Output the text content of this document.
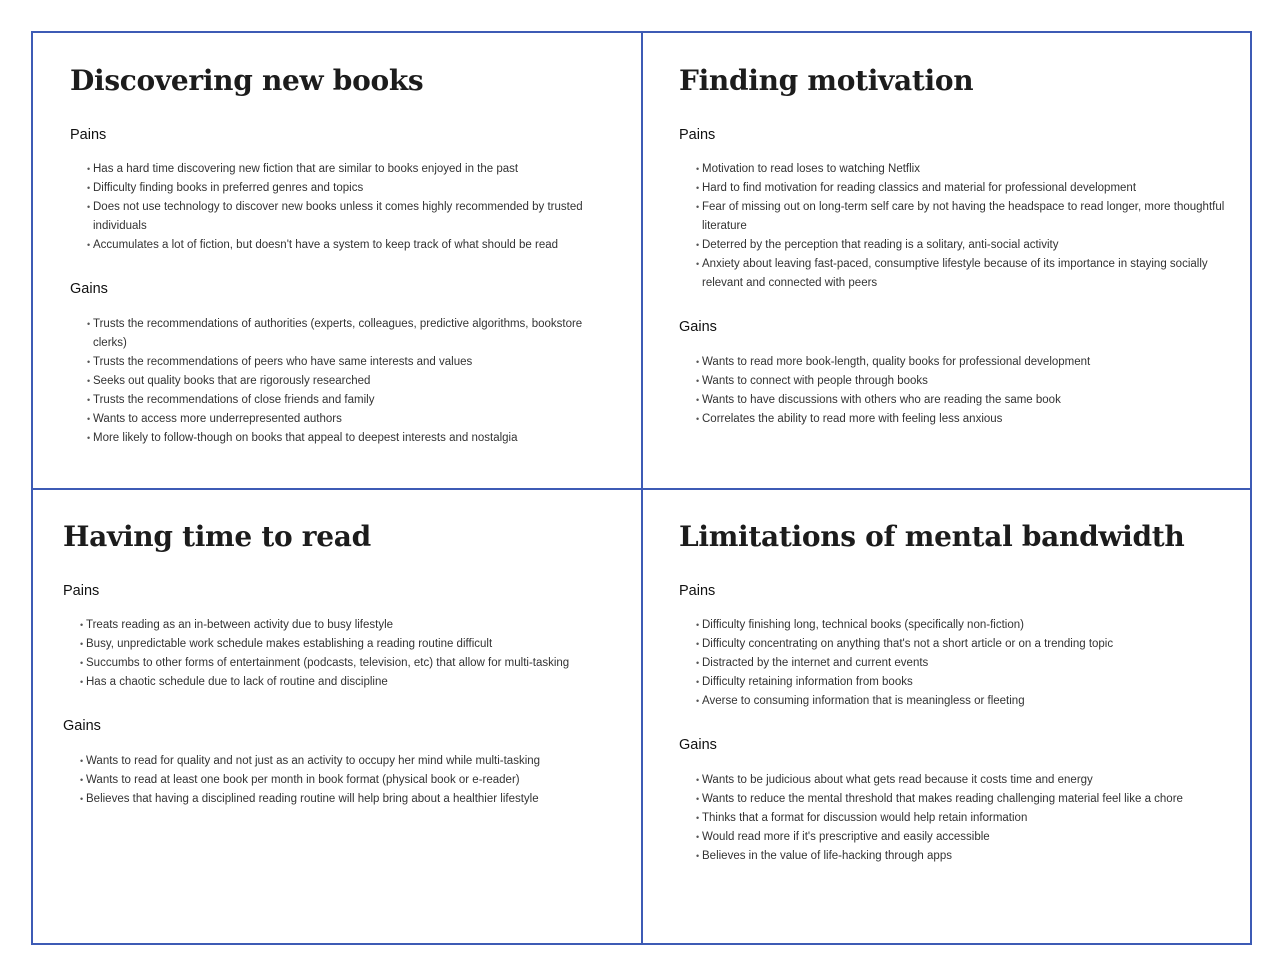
Discovering new books
Pains
• Has a hard time discovering new fiction that are similar to books enjoyed in the past
• Difficulty finding books in preferred genres and topics
• Does not use technology to discover new books unless it comes highly recommended by trusted individuals
• Accumulates a lot of fiction, but doesn't have a system to keep track of what should be read
Gains
• Trusts the recommendations of authorities (experts, colleagues, predictive algorithms, bookstore clerks)
• Trusts the recommendations of peers who have same interests and values
• Seeks out quality books that are rigorously researched
• Trusts the recommendations of close friends and family
• Wants to access more underrepresented authors
• More likely to follow-though on books that appeal to deepest interests and nostalgia
Finding motivation
Pains
• Motivation to read loses to watching Netflix
• Hard to find motivation for reading classics and material for professional development
• Fear of missing out on long-term self care by not having the headspace to read longer, more thoughtful literature
• Deterred by the perception that reading is a solitary, anti-social activity
• Anxiety about leaving fast-paced, consumptive lifestyle because of its importance in staying socially relevant and connected with peers
Gains
• Wants to read more book-length, quality books for professional development
• Wants to connect with people through books
• Wants to have discussions with others who are reading the same book
• Correlates the ability to read more with feeling less anxious
Having time to read
Pains
• Treats reading as an in-between activity due to busy lifestyle
• Busy, unpredictable work schedule makes establishing a reading routine difficult
• Succumbs to other forms of entertainment (podcasts, television, etc) that allow for multi-tasking
• Has a chaotic schedule due to lack of routine and discipline
Gains
• Wants to read for quality and not just as an activity to occupy her mind while multi-tasking
• Wants to read at least one book per month in book format (physical book or e-reader)
• Believes that having a disciplined reading routine will help bring about a healthier lifestyle
Limitations of mental bandwidth
Pains
• Difficulty finishing long, technical books (specifically non-fiction)
• Difficulty concentrating on anything that's not a short article or on a trending topic
• Distracted by the internet and current events
• Difficulty retaining information from books
• Averse to consuming information that is meaningless or fleeting
Gains
• Wants to be judicious about what gets read because it costs time and energy
• Wants to reduce the mental threshold that makes reading challenging material feel like a chore
• Thinks that a format for discussion would help retain information
• Would read more if it's prescriptive and easily accessible
• Believes in the value of life-hacking through apps
